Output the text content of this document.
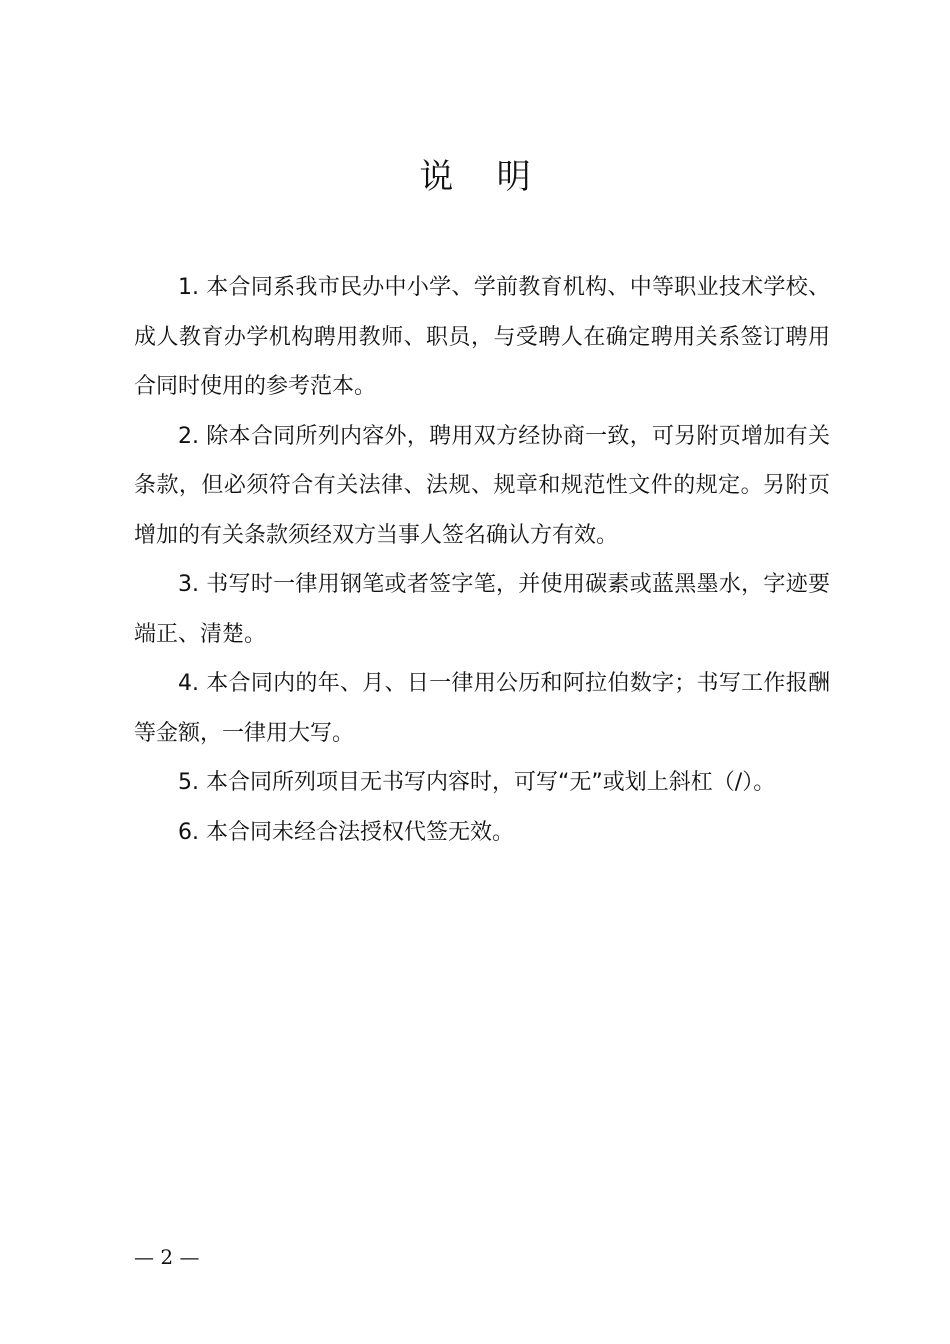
说    明

1. 本合同系我市民办中小学、学前教育机构、中等职业技术学校、成人教育办学机构聘用教师、职员，与受聘人在确定聘用关系签订聘用合同时使用的参考范本。

2. 除本合同所列内容外，聘用双方经协商一致，可另附页增加有关条款，但必须符合有关法律、法规、规章和规范性文件的规定。另附页增加的有关条款须经双方当事人签名确认方有效。

3. 书写时一律用钢笔或者签字笔，并使用碳素或蓝黑墨水，字迹要端正、清楚。

4. 本合同内的年、月、日一律用公历和阿拉伯数字；书写工作报酬等金额，一律用大写。

5. 本合同所列项目无书写内容时，可写“无”或划上斜杠（/）。

6. 本合同未经合法授权代签无效。

— 2 —
